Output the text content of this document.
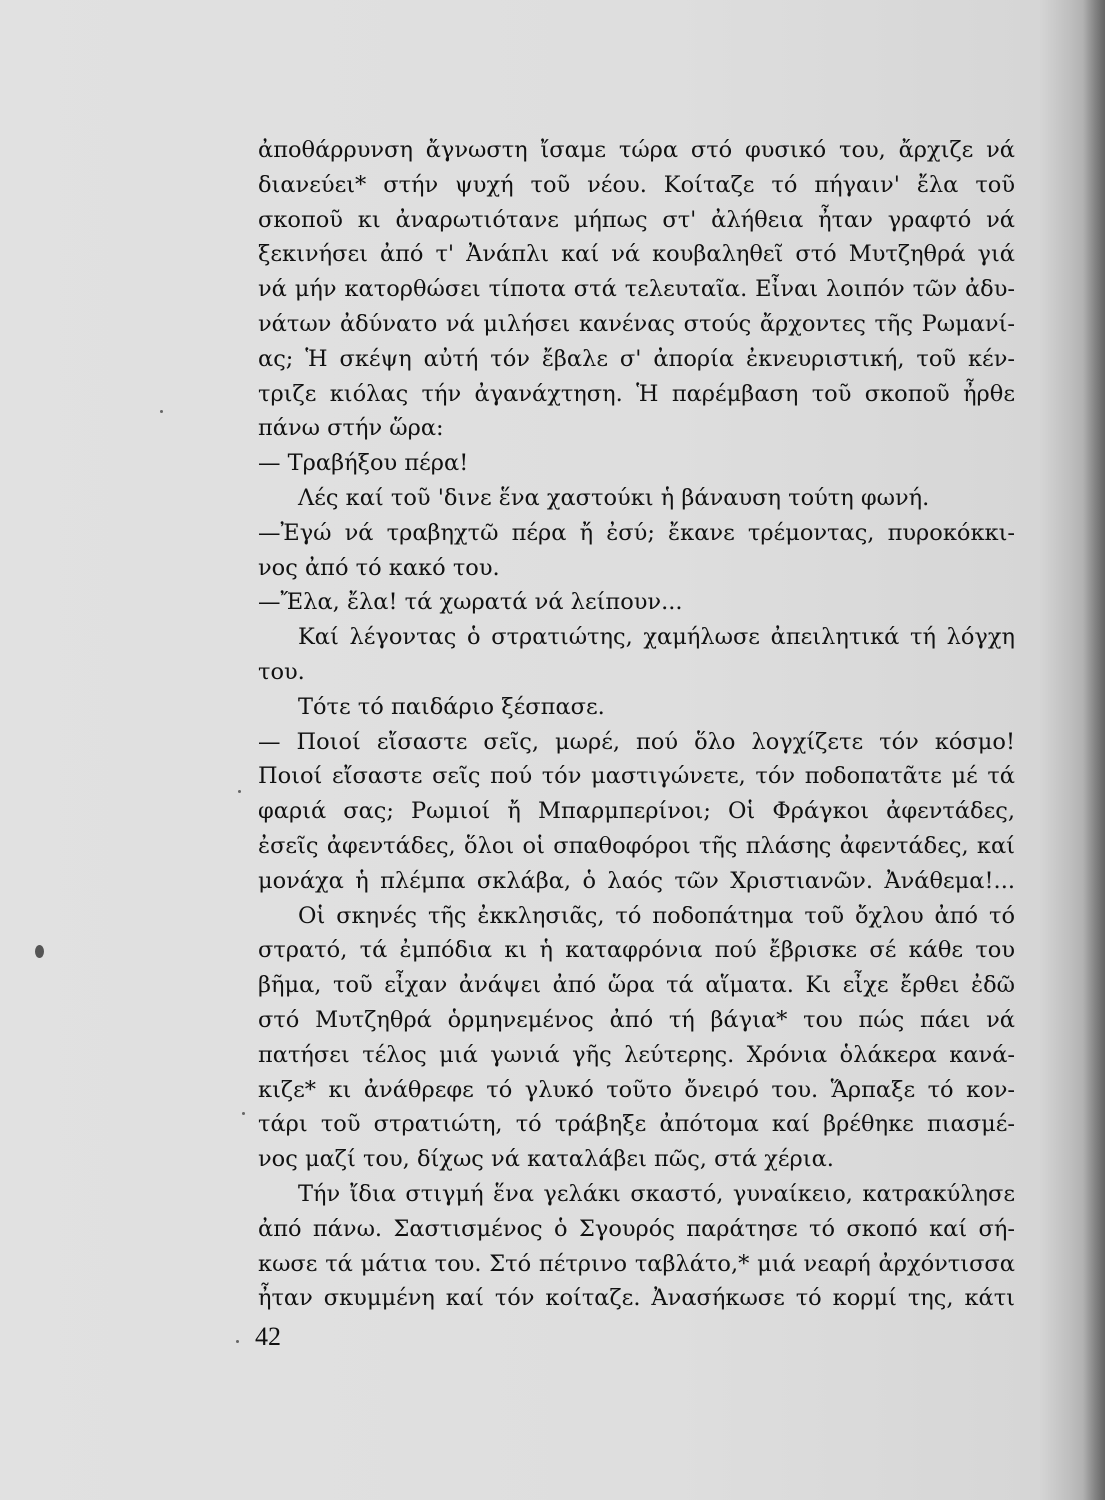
ἀποθάρρυνση ἄγνωστη ἴσαμε τώρα στό φυσικό του, ἄρχιζε νά
διανεύει* στήν ψυχή τοῦ νέου. Κοίταζε τό πήγαιν' ἔλα τοῦ
σκοποῦ κι ἀναρωτιότανε μήπως στ' ἀλήθεια ἦταν γραφτό νά
ξεκινήσει ἀπό τ' Ἀνάπλι καί νά κουβαληθεῖ στό Μυτζηθρά γιά
νά μήν κατορθώσει τίποτα στά τελευταῖα. Εἶναι λοιπόν τῶν ἀδυ-
νάτων ἀδύνατο νά μιλήσει κανένας στούς ἄρχοντες τῆς Ρωμανί-
ας; Ἡ σκέψη αὐτή τόν ἔβαλε σ' ἀπορία ἐκνευριστική, τοῦ κέν-
τριζε κιόλας τήν ἀγανάχτηση. Ἡ παρέμβαση τοῦ σκοποῦ ἦρθε
πάνω στήν ὥρα:
— Τραβήξου πέρα!
Λές καί τοῦ 'δινε ἕνα χαστούκι ἡ βάναυση τούτη φωνή.
—Ἐγώ νά τραβηχτῶ πέρα ἤ ἐσύ; ἔκανε τρέμοντας, πυροκόκκι-
νος ἀπό τό κακό του.
—Ἔλα, ἔλα! τά χωρατά νά λείπουν...
Καί λέγοντας ὁ στρατιώτης, χαμήλωσε ἀπειλητικά τή λόγχη
του.
Τότε τό παιδάριο ξέσπασε.
— Ποιοί εἴσαστε σεῖς, μωρέ, πού ὅλο λογχίζετε τόν κόσμο!
Ποιοί εἴσαστε σεῖς πού τόν μαστιγώνετε, τόν ποδοπατᾶτε μέ τά
φαριά σας; Ρωμιοί ἤ Μπαρμπερίνοι; Οἱ Φράγκοι ἀφεντάδες,
ἐσεῖς ἀφεντάδες, ὅλοι οἱ σπαθοφόροι τῆς πλάσης ἀφεντάδες, καί
μονάχα ἡ πλέμπα σκλάβα, ὁ λαός τῶν Χριστιανῶν. Ἀνάθεμα!...
Οἱ σκηνές τῆς ἐκκλησιᾶς, τό ποδοπάτημα τοῦ ὄχλου ἀπό τό
στρατό, τά ἐμπόδια κι ἡ καταφρόνια πού ἔβρισκε σέ κάθε του
βῆμα, τοῦ εἶχαν ἀνάψει ἀπό ὥρα τά αἵματα. Κι εἶχε ἔρθει ἐδῶ
στό Μυτζηθρά ὁρμηνεμένος ἀπό τή βάγια* του πώς πάει νά
πατήσει τέλος μιά γωνιά γῆς λεύτερης. Χρόνια ὁλάκερα κανά-
κιζε* κι ἀνάθρεφε τό γλυκό τοῦτο ὄνειρό του. Ἅρπαξε τό κον-
τάρι τοῦ στρατιώτη, τό τράβηξε ἀπότομα καί βρέθηκε πιασμέ-
νος μαζί του, δίχως νά καταλάβει πῶς, στά χέρια.
Τήν ἴδια στιγμή ἕνα γελάκι σκαστό, γυναίκειο, κατρακύλησε
ἀπό πάνω. Σαστισμένος ὁ Σγουρός παράτησε τό σκοπό καί σή-
κωσε τά μάτια του. Στό πέτρινο ταβλάτο,* μιά νεαρή ἀρχόντισσα
ἦταν σκυμμένη καί τόν κοίταζε. Ἀνασήκωσε τό κορμί της, κάτι
42
